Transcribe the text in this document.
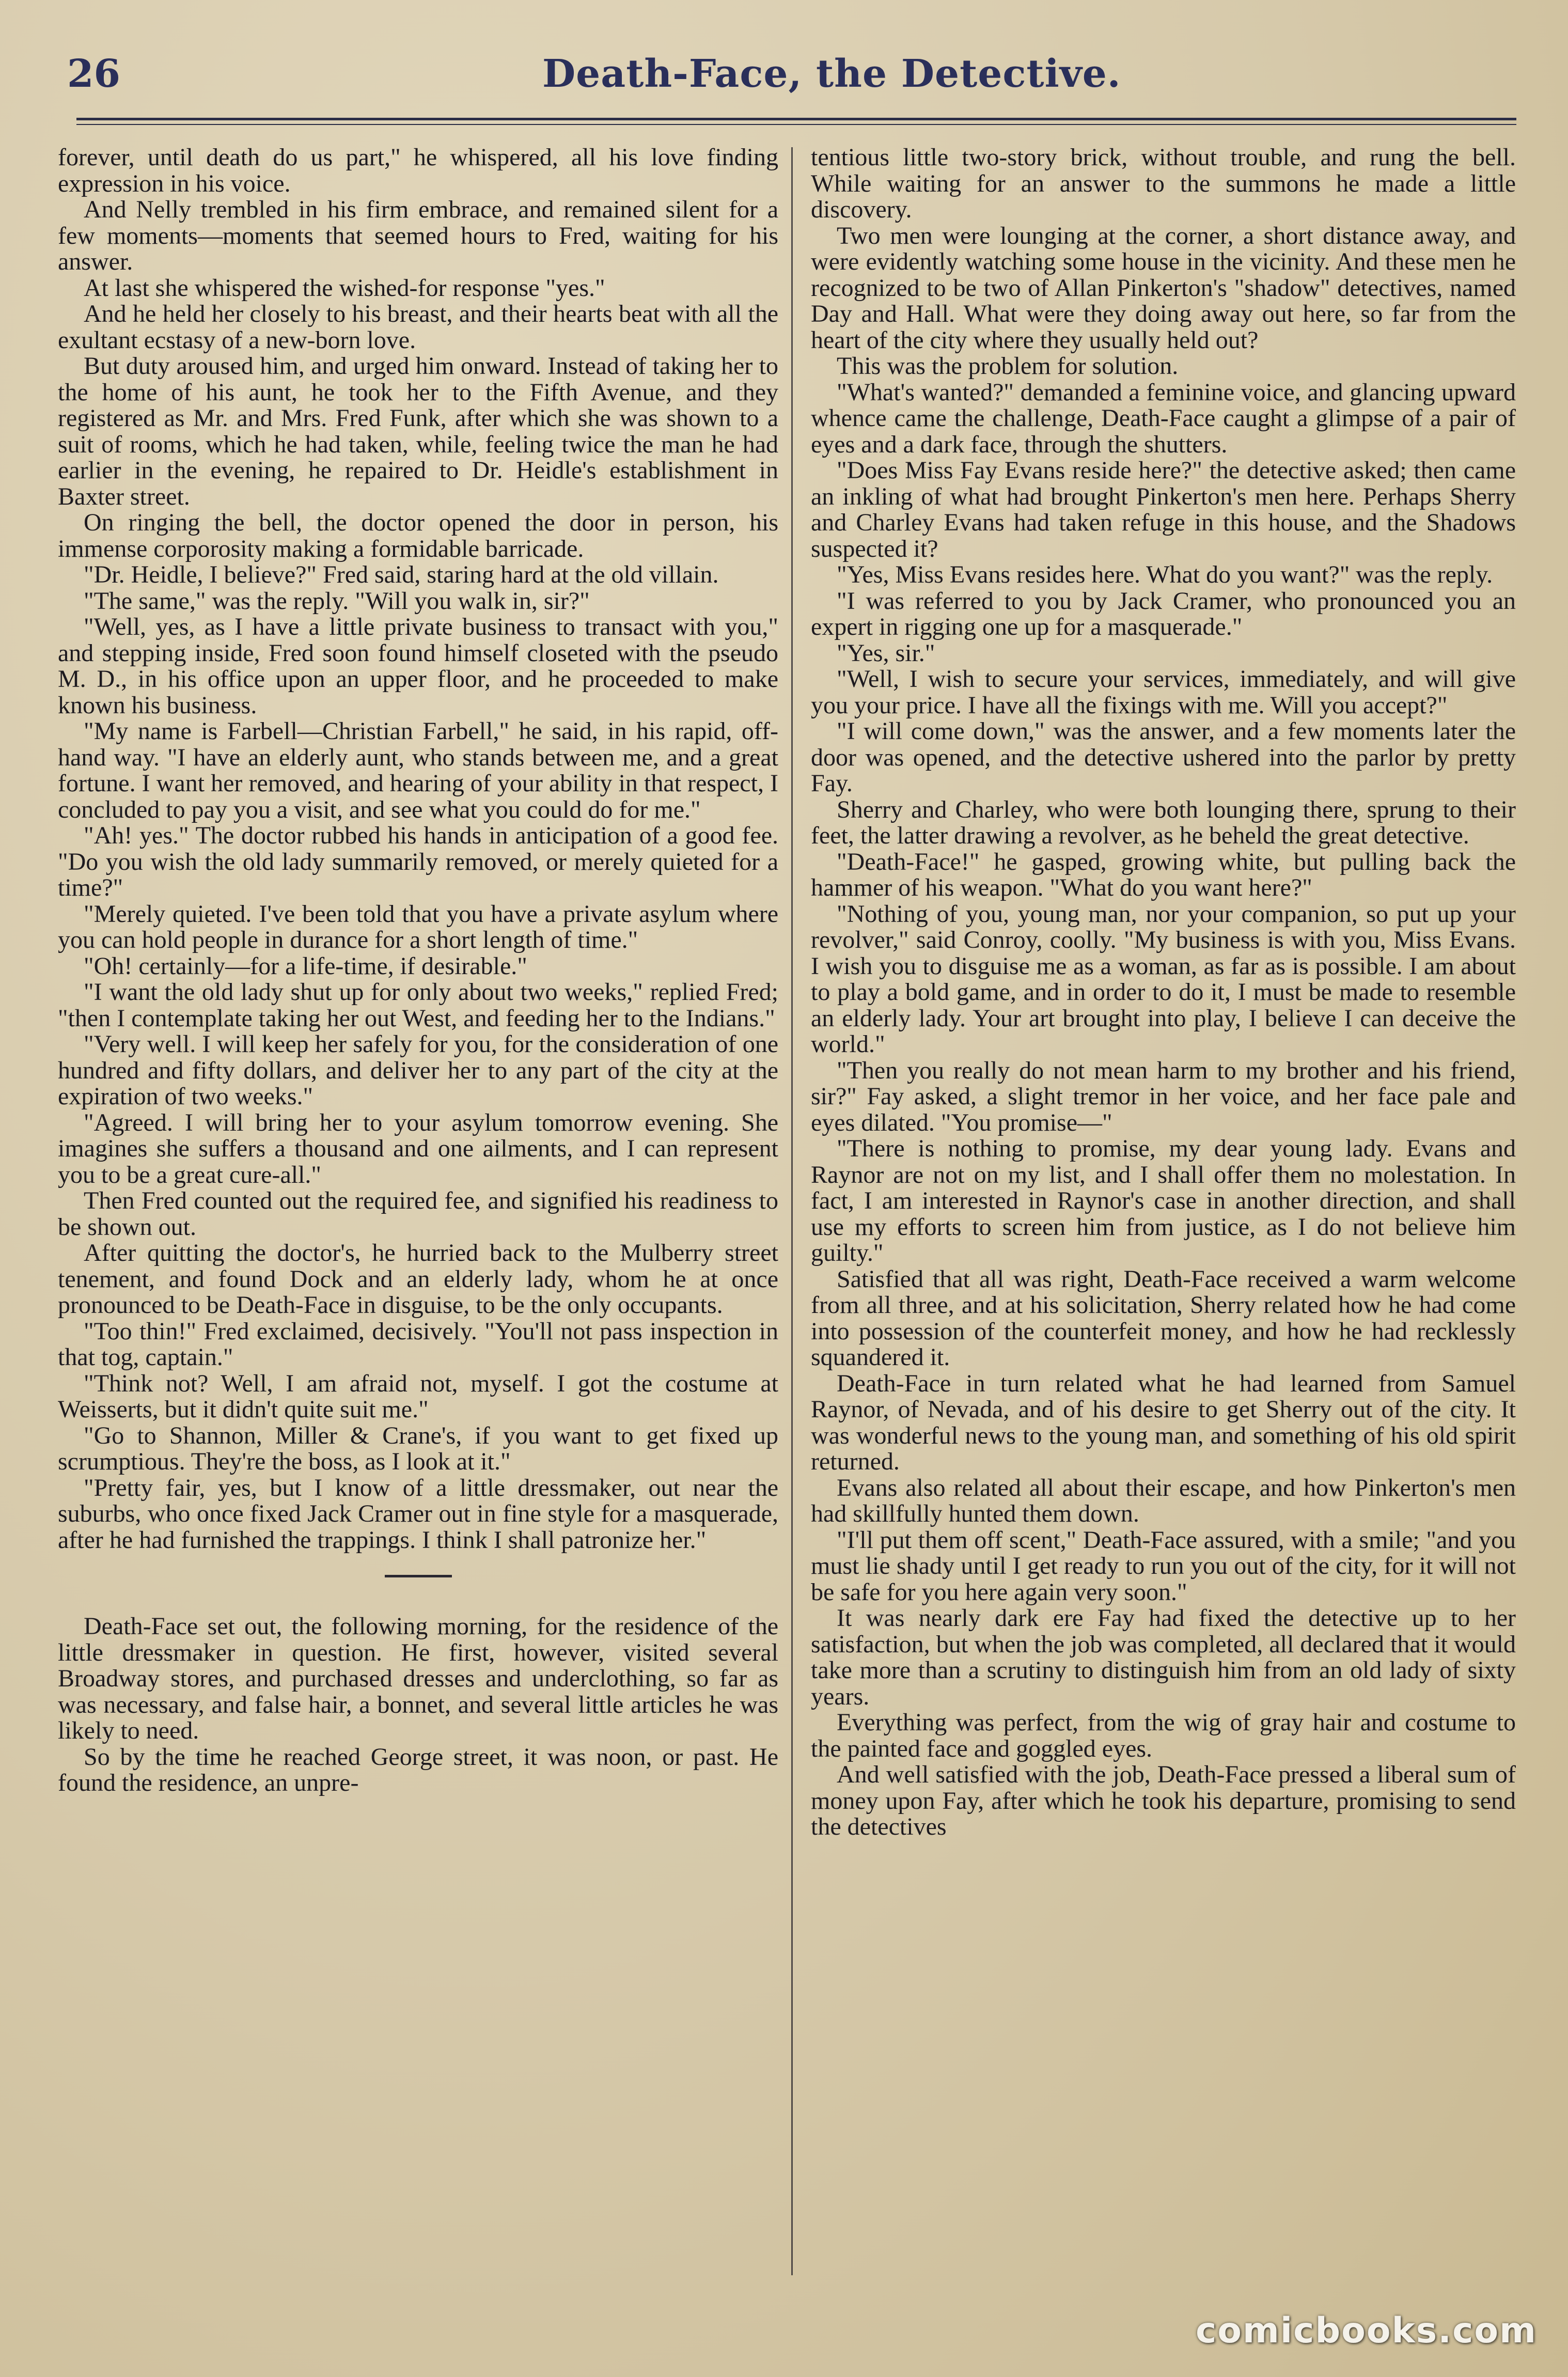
26	Death-Face, the Detective.

forever, until death do us part," he whispered, all his love finding expression in his voice.

And Nelly trembled in his firm embrace, and remained silent for a few moments—moments that seemed hours to Fred, waiting for his answer.

At last she whispered the wished-for response "yes."

And he held her closely to his breast, and their hearts beat with all the exultant ecstasy of a new-born love.

But duty aroused him, and urged him onward. Instead of taking her to the home of his aunt, he took her to the Fifth Avenue, and they registered as Mr. and Mrs. Fred Funk, after which she was shown to a suit of rooms, which he had taken, while, feeling twice the man he had earlier in the evening, he repaired to Dr. Heidle's establishment in Baxter street.

On ringing the bell, the doctor opened the door in person, his immense corporosity making a formidable barricade.

"Dr. Heidle, I believe?" Fred said, staring hard at the old villain.

"The same," was the reply. "Will you walk in, sir?"

"Well, yes, as I have a little private business to transact with you," and stepping inside, Fred soon found himself closeted with the pseudo M. D., in his office upon an upper floor, and he proceeded to make known his business.

"My name is Farbell—Christian Farbell," he said, in his rapid, off-hand way. "I have an elderly aunt, who stands between me, and a great fortune. I want her removed, and hearing of your ability in that respect, I concluded to pay you a visit, and see what you could do for me."

"Ah! yes." The doctor rubbed his hands in anticipation of a good fee. "Do you wish the old lady summarily removed, or merely quieted for a time?"

"Merely quieted. I've been told that you have a private asylum where you can hold people in durance for a short length of time."

"Oh! certainly—for a life-time, if desirable."

"I want the old lady shut up for only about two weeks," replied Fred; "then I contemplate taking her out West, and feeding her to the Indians."

"Very well. I will keep her safely for you, for the consideration of one hundred and fifty dollars, and deliver her to any part of the city at the expiration of two weeks."

"Agreed. I will bring her to your asylum tomorrow evening. She imagines she suffers a thousand and one ailments, and I can represent you to be a great cure-all."

Then Fred counted out the required fee, and signified his readiness to be shown out.

After quitting the doctor's, he hurried back to the Mulberry street tenement, and found Dock and an elderly lady, whom he at once pronounced to be Death-Face in disguise, to be the only occupants.

"Too thin!" Fred exclaimed, decisively. "You'll not pass inspection in that tog, captain."

"Think not? Well, I am afraid not, myself. I got the costume at Weisserts, but it didn't quite suit me."

"Go to Shannon, Miller & Crane's, if you want to get fixed up scrumptious. They're the boss, as I look at it."

"Pretty fair, yes, but I know of a little dressmaker, out near the suburbs, who once fixed Jack Cramer out in fine style for a masquerade, after he had furnished the trappings. I think I shall patronize her."

Death-Face set out, the following morning, for the residence of the little dressmaker in question. He first, however, visited several Broadway stores, and purchased dresses and underclothing, so far as was necessary, and false hair, a bonnet, and several little articles he was likely to need.

So by the time he reached George street, it was noon, or past. He found the residence, an unpre-

tentious little two-story brick, without trouble, and rung the bell. While waiting for an answer to the summons he made a little discovery.

Two men were lounging at the corner, a short distance away, and were evidently watching some house in the vicinity. And these men he recognized to be two of Allan Pinkerton's "shadow" detectives, named Day and Hall. What were they doing away out here, so far from the heart of the city where they usually held out?

This was the problem for solution.

"What's wanted?" demanded a feminine voice, and glancing upward whence came the challenge, Death-Face caught a glimpse of a pair of eyes and a dark face, through the shutters.

"Does Miss Fay Evans reside here?" the detective asked; then came an inkling of what had brought Pinkerton's men here. Perhaps Sherry and Charley Evans had taken refuge in this house, and the Shadows suspected it?

"Yes, Miss Evans resides here. What do you want?" was the reply.

"I was referred to you by Jack Cramer, who pronounced you an expert in rigging one up for a masquerade."

"Yes, sir."

"Well, I wish to secure your services, immediately, and will give you your price. I have all the fixings with me. Will you accept?"

"I will come down," was the answer, and a few moments later the door was opened, and the detective ushered into the parlor by pretty Fay.

Sherry and Charley, who were both lounging there, sprung to their feet, the latter drawing a revolver, as he beheld the great detective.

"Death-Face!" he gasped, growing white, but pulling back the hammer of his weapon. "What do you want here?"

"Nothing of you, young man, nor your companion, so put up your revolver," said Conroy, coolly. "My business is with you, Miss Evans. I wish you to disguise me as a woman, as far as is possible. I am about to play a bold game, and in order to do it, I must be made to resemble an elderly lady. Your art brought into play, I believe I can deceive the world."

"Then you really do not mean harm to my brother and his friend, sir?" Fay asked, a slight tremor in her voice, and her face pale and eyes dilated. "You promise—"

"There is nothing to promise, my dear young lady. Evans and Raynor are not on my list, and I shall offer them no molestation. In fact, I am interested in Raynor's case in another direction, and shall use my efforts to screen him from justice, as I do not believe him guilty."

Satisfied that all was right, Death-Face received a warm welcome from all three, and at his solicitation, Sherry related how he had come into possession of the counterfeit money, and how he had recklessly squandered it.

Death-Face in turn related what he had learned from Samuel Raynor, of Nevada, and of his desire to get Sherry out of the city. It was wonderful news to the young man, and something of his old spirit returned.

Evans also related all about their escape, and how Pinkerton's men had skillfully hunted them down.

"I'll put them off scent," Death-Face assured, with a smile; "and you must lie shady until I get ready to run you out of the city, for it will not be safe for you here again very soon."

It was nearly dark ere Fay had fixed the detective up to her satisfaction, but when the job was completed, all declared that it would take more than a scrutiny to distinguish him from an old lady of sixty years.

Everything was perfect, from the wig of gray hair and costume to the painted face and goggled eyes.

And well satisfied with the job, Death-Face pressed a liberal sum of money upon Fay, after which he took his departure, promising to send the detectives

comicbooks.com
